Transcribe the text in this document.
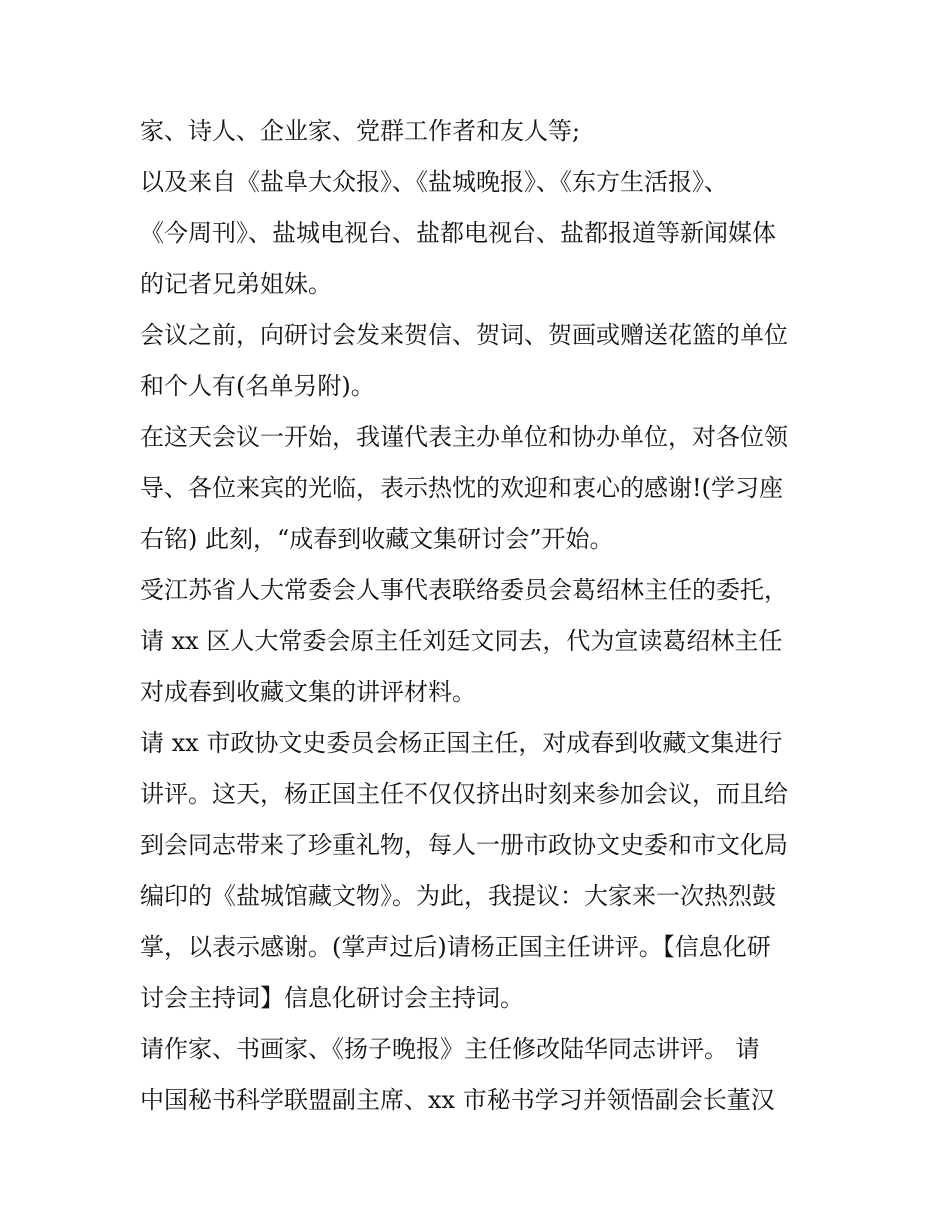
家、诗人、企业家、党群工作者和友人等;
以及来自《盐阜大众报》、《盐城晚报》、《东方生活报》、
《今周刊》、盐城电视台、盐都电视台、盐都报道等新闻媒体
的记者兄弟姐妹。
会议之前，向研讨会发来贺信、贺词、贺画或赠送花篮的单位
和个人有(名单另附)。
在这天会议一开始，我谨代表主办单位和协办单位，对各位领
导、各位来宾的光临，表示热忱的欢迎和衷心的感谢!(学习座
右铭) 此刻，“成春到收藏文集研讨会”开始。
受江苏省人大常委会人事代表联络委员会葛绍林主任的委托，
请 xx 区人大常委会原主任刘廷文同去，代为宣读葛绍林主任
对成春到收藏文集的讲评材料。
请 xx 市政协文史委员会杨正国主任，对成春到收藏文集进行
讲评。这天，杨正国主任不仅仅挤出时刻来参加会议，而且给
到会同志带来了珍重礼物，每人一册市政协文史委和市文化局
编印的《盐城馆藏文物》。为此，我提议：大家来一次热烈鼓
掌，以表示感谢。(掌声过后)请杨正国主任讲评。【信息化研
讨会主持词】信息化研讨会主持词。
请作家、书画家、《扬子晚报》主任修改陆华同志讲评。 请
中国秘书科学联盟副主席、xx 市秘书学习并领悟副会长董汉
